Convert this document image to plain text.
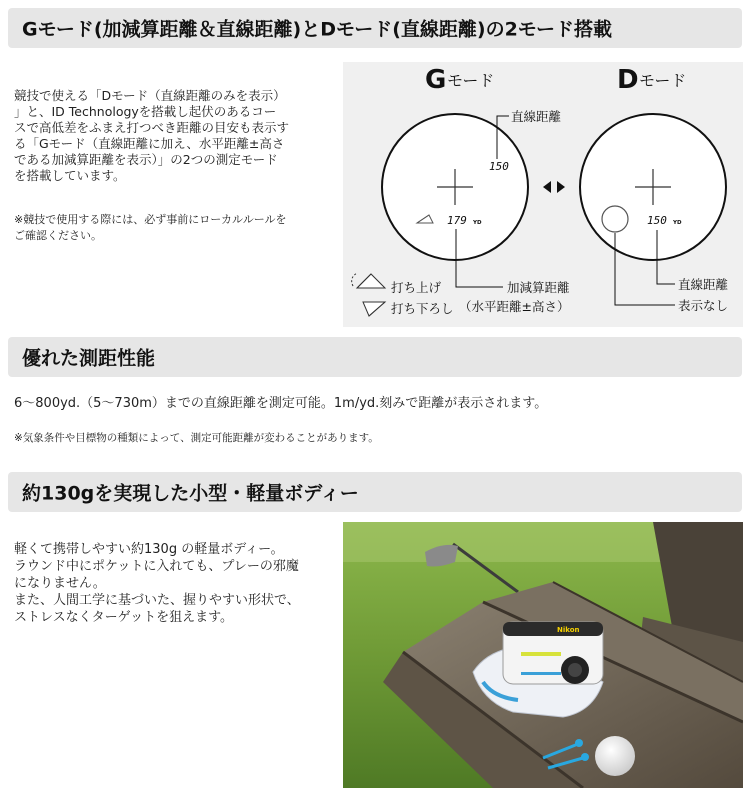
Gモード(加減算距離＆直線距離)とDモード(直線距離)の2モード搭載
競技で使える「Dモード（直線距離のみを表示）
」と、ID Technologyを搭載し起伏のあるコー
スで高低差をふまえ打つべき距離の目安も表示す
る「Gモード（直線距離に加え、水平距離±高さ
である加減算距離を表示）」の2つの測定モード
を搭載しています。
※競技で使用する際には、必ず事前にローカルルールを
ご確認ください。
G モード	D モード
150
179 YD
直線距離
加減算距離
（水平距離±高さ）
打ち上げ
打ち下ろし
150 YD
直線距離
表示なし
優れた測距性能
6～800yd.（5～730m）までの直線距離を測定可能。1m/yd.刻みで距離が表示されます。
※気象条件や目標物の種類によって、測定可能距離が変わることがあります。
約130gを実現した小型・軽量ボディー
軽くて携帯しやすい約130g の軽量ボディー。
ラウンド中にポケットに入れても、プレーの邪魔
になりません。
また、人間工学に基づいた、握りやすい形状で、
ストレスなくターゲットを狙えます。
Nikon
